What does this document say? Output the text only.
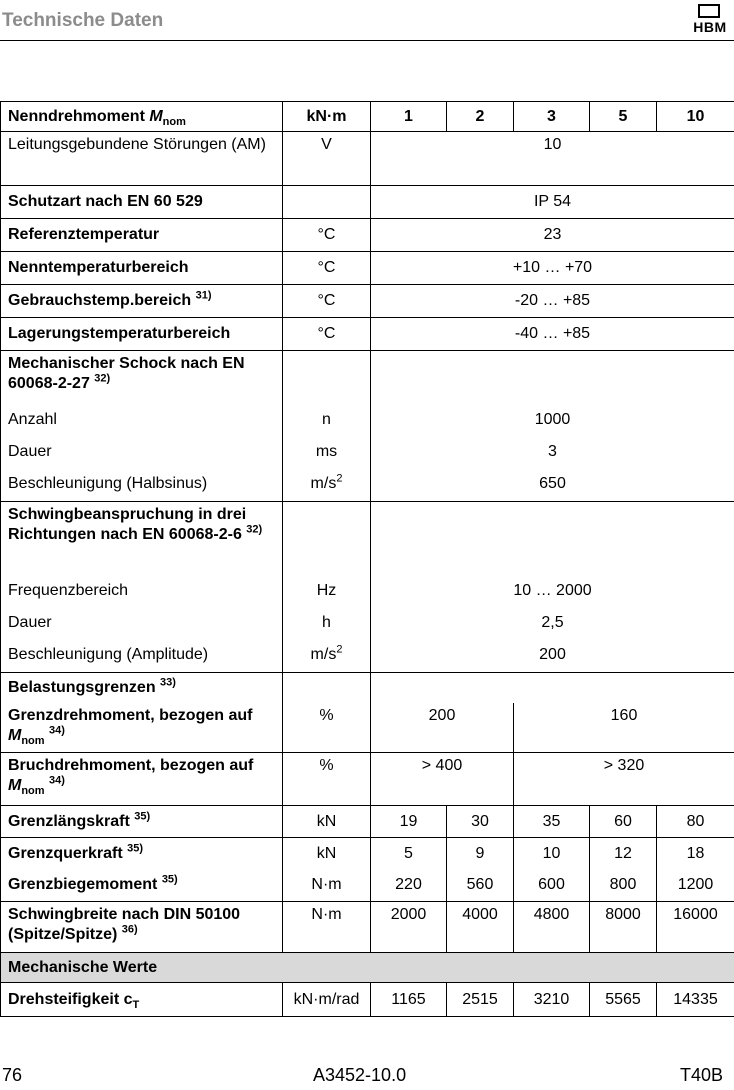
Technische Daten	HBM
Nenndrehmoment $M_{nom}$	kN·m	1	2	3	5	10
Leitungsgebundene Störungen (AM)	V	10				
Schutzart nach EN 60 529		IP 54				
Referenztemperatur	°C	23				
Nenntemperaturbereich	°C	+10 … +70				
Gebrauchstemp.bereich $^{31)}$	°C	-20 … +85				
Lagerungstemperaturbereich	°C	-40 … +85				
Mechanischer Schock nach EN 60068-2-27 $^{32)}$		
Anzahl	n	1000				
Dauer	ms	3				
Beschleunigung (Halbsinus)	$m/s^2$	650				
Schwingbeanspruchung in drei Richtungen nach EN 60068-2-6 $^{32)}$		
Frequenzbereich	Hz	10 … 2000				
Dauer	h	2,5				
Beschleunigung (Amplitude)	$m/s^2$	200				
Belastungsgrenzen $^{33)}$		
Grenzdrehmoment, bezogen auf $M_{nom}$ $^{34)}$	%	200		160		
Bruchdrehmoment, bezogen auf $M_{nom}$ $^{34)}$	%	> 400		> 320		
Grenzlängskraft $^{35)}$	kN	19	30	35	60	80
Grenzquerkraft $^{35)}$	kN	5	9	10	12	18
Grenzbiegemoment $^{35)}$	N·m	220	560	600	800	1200
Schwingbreite nach DIN 50100 (Spitze/Spitze) $^{36)}$	N·m	2000	4000	4800	8000	16000
Mechanische Werte						
Drehsteifigkeit $c_T$	kN·m/rad	1165	2515	3210	5565	14335
76	A3452-10.0	T40B
